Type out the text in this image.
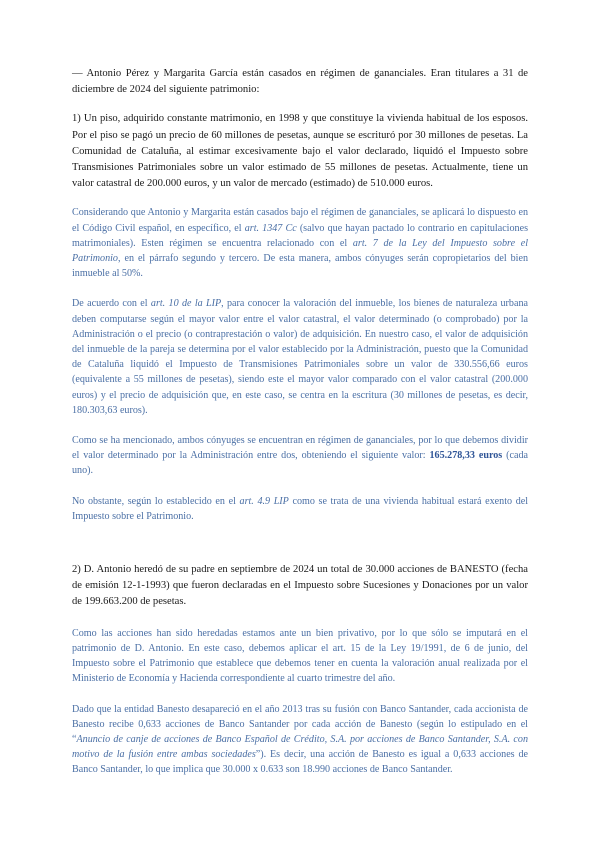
— Antonio Pérez y Margarita García están casados en régimen de gananciales. Eran titulares a 31 de diciembre de 2024 del siguiente patrimonio:

1) Un piso, adquirido constante matrimonio, en 1998 y que constituye la vivienda habitual de los esposos. Por el piso se pagó un precio de 60 millones de pesetas, aunque se escrituró por 30 millones de pesetas. La Comunidad de Cataluña, al estimar excesivamente bajo el valor declarado, liquidó el Impuesto sobre Transmisiones Patrimoniales sobre un valor estimado de 55 millones de pesetas. Actualmente, tiene un valor catastral de 200.000 euros, y un valor de mercado (estimado) de 510.000 euros.

Considerando que Antonio y Margarita están casados bajo el régimen de gananciales, se aplicará lo dispuesto en el Código Civil español, en específico, el art. 1347 Cc (salvo que hayan pactado lo contrario en capitulaciones matrimoniales). Esten régimen se encuentra relacionado con el art. 7 de la Ley del Impuesto sobre el Patrimonio, en el párrafo segundo y tercero. De esta manera, ambos cónyuges serán copropietarios del bien inmueble al 50%.

De acuerdo con el art. 10 de la LIP, para conocer la valoración del inmueble, los bienes de naturaleza urbana deben computarse según el mayor valor entre el valor catastral, el valor determinado (o comprobado) por la Administración o el precio (o contraprestación o valor) de adquisición. En nuestro caso, el valor de adquisición del inmueble de la pareja se determina por el valor establecido por la Administración, puesto que la Comunidad de Cataluña liquidó el Impuesto de Transmisiones Patrimoniales sobre un valor de 330.556,66 euros (equivalente a 55 millones de pesetas), siendo este el mayor valor comparado con el valor catastral (200.000 euros) y el precio de adquisición que, en este caso, se centra en la escritura (30 millones de pesetas, es decir, 180.303,63 euros).

Como se ha mencionado, ambos cónyuges se encuentran en régimen de gananciales, por lo que debemos dividir el valor determinado por la Administración entre dos, obteniendo el siguiente valor: 165.278,33 euros (cada uno).

No obstante, según lo establecido en el art. 4.9 LIP como se trata de una vivienda habitual estará exento del Impuesto sobre el Patrimonio.

2) D. Antonio heredó de su padre en septiembre de 2024 un total de 30.000 acciones de BANESTO (fecha de emisión 12-1-1993) que fueron declaradas en el Impuesto sobre Sucesiones y Donaciones por un valor de 199.663.200 de pesetas.

Como las acciones han sido heredadas estamos ante un bien privativo, por lo que sólo se imputará en el patrimonio de D. Antonio. En este caso, debemos aplicar el art. 15 de la Ley 19/1991, de 6 de junio, del Impuesto sobre el Patrimonio que establece que debemos tener en cuenta la valoración anual realizada por el Ministerio de Economía y Hacienda correspondiente al cuarto trimestre del año.

Dado que la entidad Banesto desapareció en el año 2013 tras su fusión con Banco Santander, cada accionista de Banesto recibe 0,633 acciones de Banco Santander por cada acción de Banesto (según lo estipulado en el “Anuncio de canje de acciones de Banco Español de Crédito, S.A. por acciones de Banco Santander, S.A. con motivo de la fusión entre ambas sociedades”). Es decir, una acción de Banesto es igual a 0,633 acciones de Banco Santander, lo que implica que 30.000 x 0.633 son 18.990 acciones de Banco Santander.
